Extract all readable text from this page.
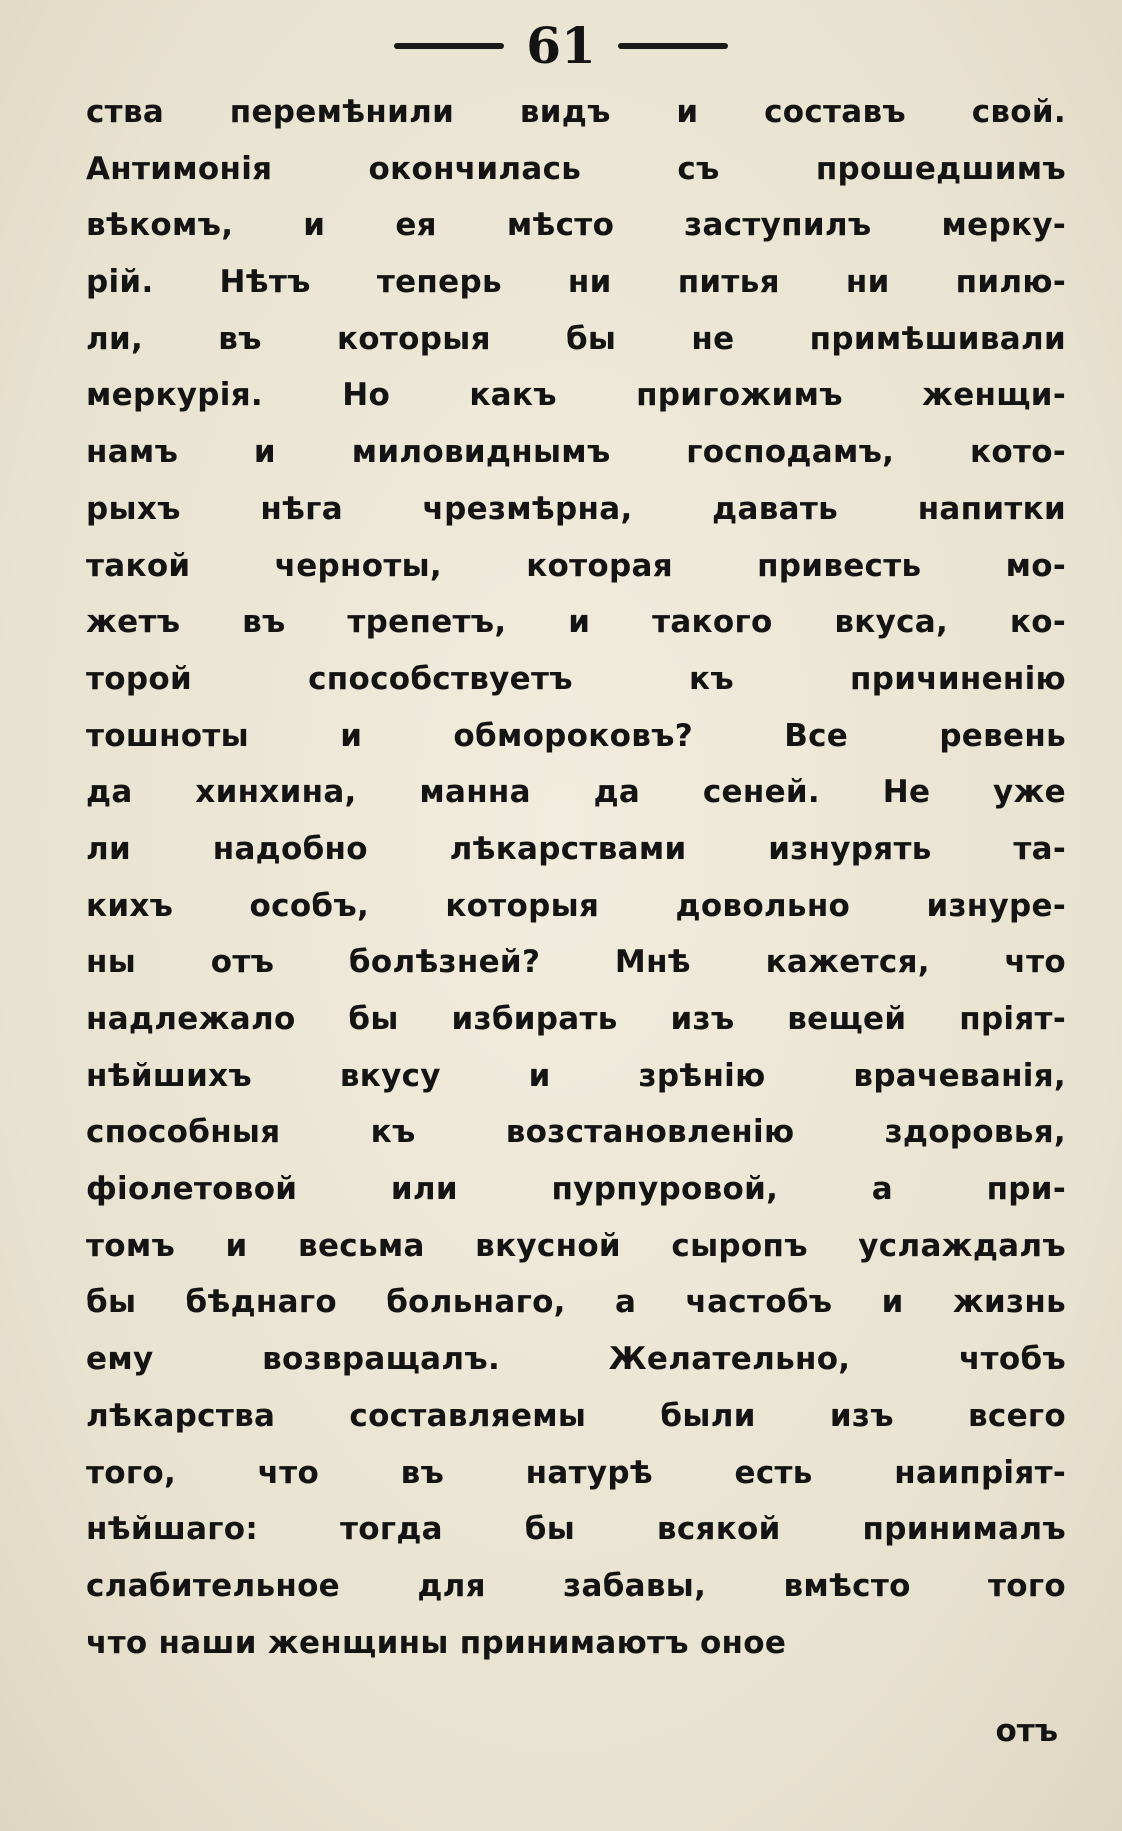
61
ства перемѣнили видъ и составъ свой.
Антимонія окончилась съ прошедшимъ
вѣкомъ, и ея мѣсто заступилъ мерку-
рій. Нѣтъ теперь ни питья ни пилю-
ли, въ которыя бы не примѣшивали
меркурія. Но какъ пригожимъ женщи-
намъ и миловиднымъ господамъ, кото-
рыхъ нѣга чрезмѣрна, давать напитки
такой черноты, которая привесть мо-
жетъ въ трепетъ, и такого вкуса, ко-
торой способствуетъ къ причиненію
тошноты и обмороковъ? Все ревень
да хинхина, манна да сеней. Не уже
ли надобно лѣкарствами изнурять та-
кихъ особъ, которыя довольно изнуре-
ны отъ болѣзней? Мнѣ кажется, что
надлежало бы избирать изъ вещей пріят-
нѣйшихъ вкусу и зрѣнію врачеванія,
способныя къ возстановленію здоровья,
фіолетовой или пурпуровой, а при-
томъ и весьма вкусной сыропъ услаждалъ
бы бѣднаго больнаго, а частобъ и жизнь
ему возвращалъ. Желательно, чтобъ
лѣкарства составляемы были изъ всего
того, что въ натурѣ есть наипріят-
нѣйшаго: тогда бы всякой принималъ
слабительное для забавы, вмѣсто того
что наши женщины принимаютъ оное
отъ
